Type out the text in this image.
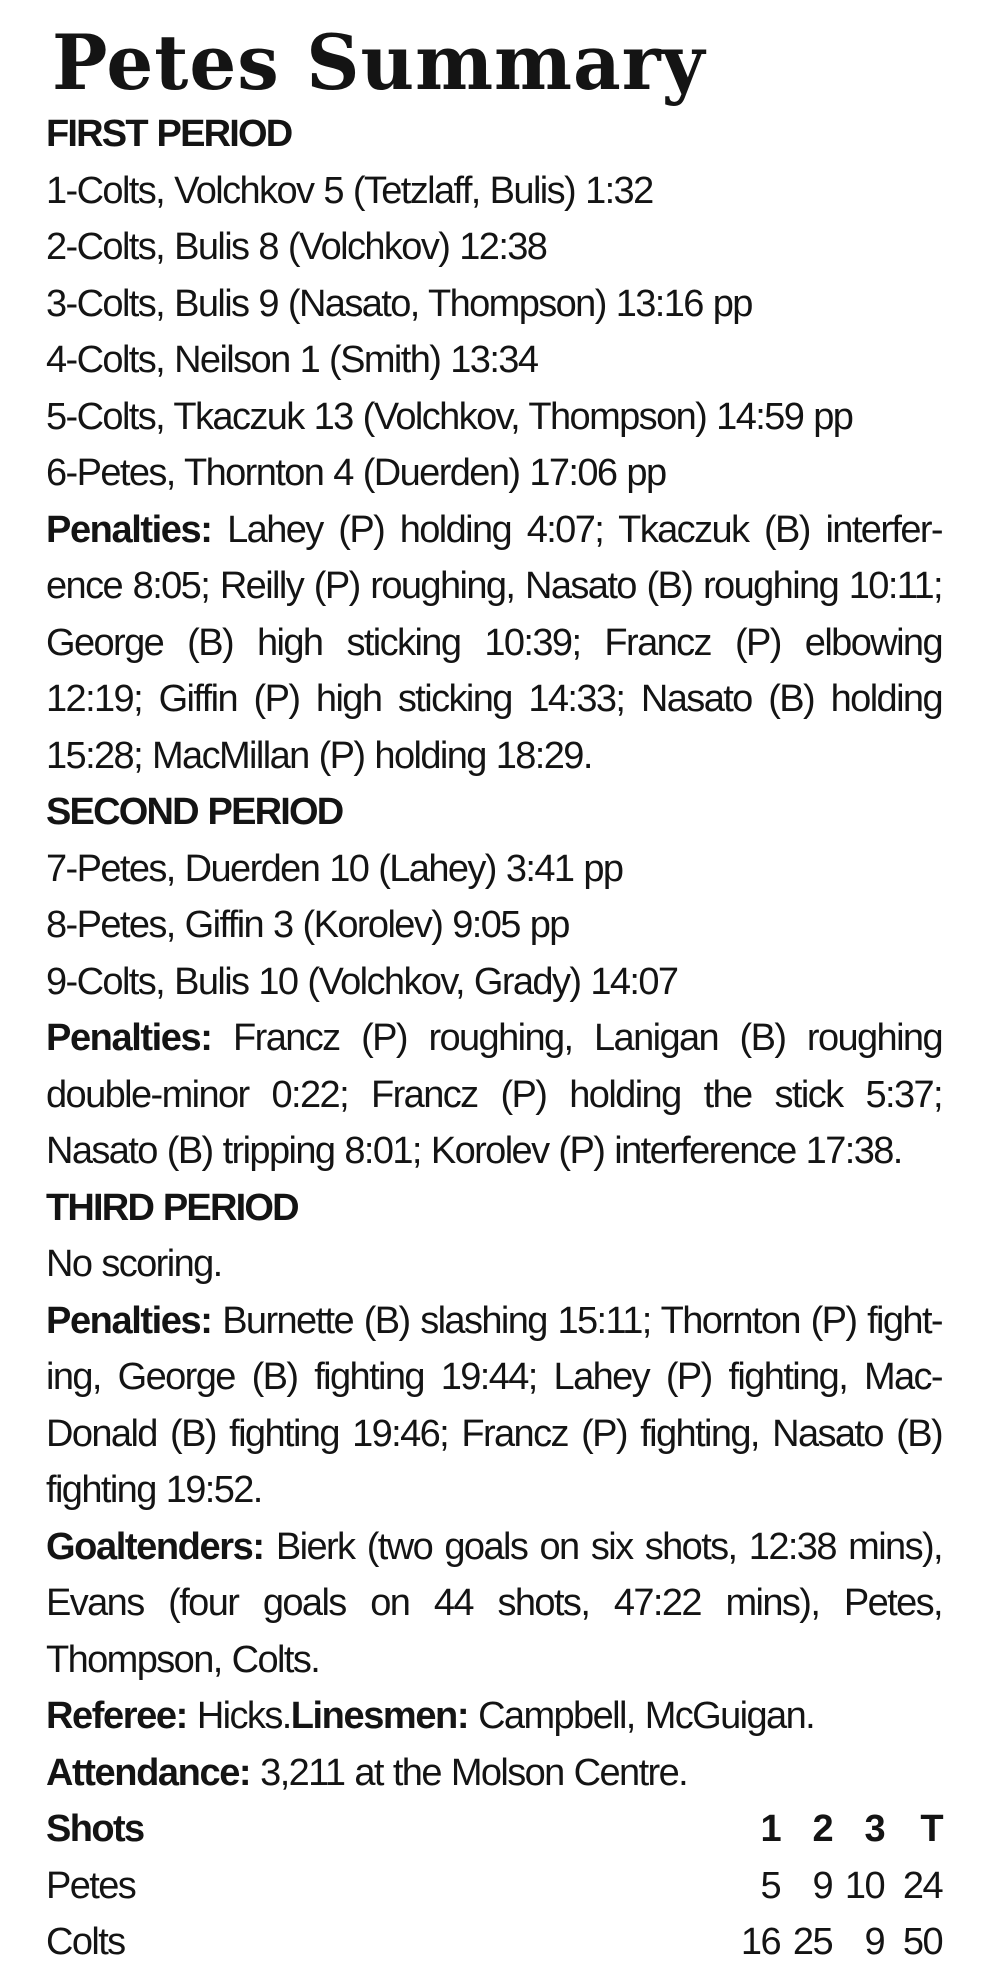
Petes Summary
FIRST PERIOD
1-Colts, Volchkov 5 (Tetzlaff, Bulis) 1:32
2-Colts, Bulis 8 (Volchkov) 12:38
3-Colts, Bulis 9 (Nasato, Thompson) 13:16 pp
4-Colts, Neilson 1 (Smith) 13:34
5-Colts, Tkaczuk 13 (Volchkov, Thompson) 14:59 pp
6-Petes, Thornton 4 (Duerden) 17:06 pp
Penalties: Lahey (P) holding 4:07; Tkaczuk (B) interfer-ence 8:05; Reilly (P) roughing, Nasato (B) roughing 10:11; George (B) high sticking 10:39; Francz (P) elbowing 12:19; Giffin (P) high sticking 14:33; Nasato (B) holding 15:28; MacMillan (P) holding 18:29.
SECOND PERIOD
7-Petes, Duerden 10 (Lahey) 3:41 pp
8-Petes, Giffin 3 (Korolev) 9:05 pp
9-Colts, Bulis 10 (Volchkov, Grady) 14:07
Penalties: Francz (P) roughing, Lanigan (B) roughing double-minor 0:22; Francz (P) holding the stick 5:37; Nasato (B) tripping 8:01; Korolev (P) interference 17:38.
THIRD PERIOD
No scoring.
Penalties: Burnette (B) slashing 15:11; Thornton (P) fight-ing, George (B) fighting 19:44; Lahey (P) fighting, Mac-Donald (B) fighting 19:46; Francz (P) fighting, Nasato (B) fighting 19:52.
Goaltenders: Bierk (two goals on six shots, 12:38 mins), Evans (four goals on 44 shots, 47:22 mins), Petes, Thompson, Colts.
Referee: Hicks.Linesmen: Campbell, McGuigan.
Attendance: 3,211 at the Molson Centre.
Shots	1	2	3	T
Petes	5	9	10	24
Colts	16	25	9	50
